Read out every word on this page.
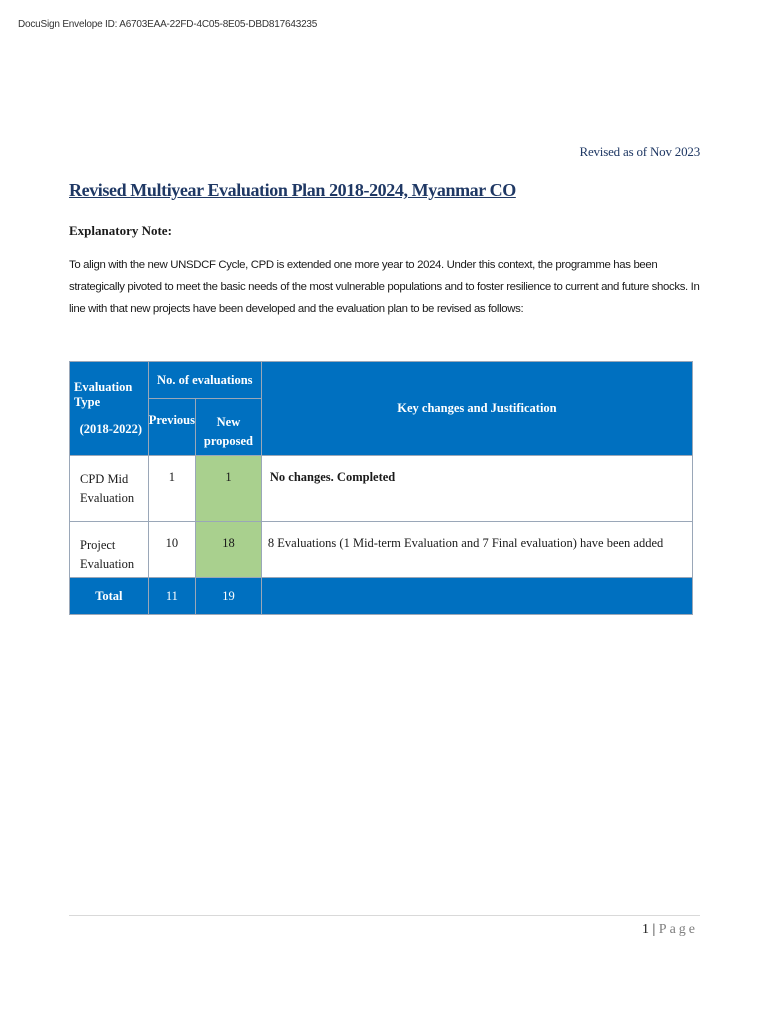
DocuSign Envelope ID: A6703EAA-22FD-4C05-8E05-DBD817643235
Revised as of Nov 2023
Revised Multiyear Evaluation Plan 2018-2024, Myanmar CO
Explanatory Note:
To align with the new UNSDCF Cycle, CPD is extended one more year to 2024. Under this context, the programme has been strategically pivoted to meet the basic needs of the most vulnerable populations and to foster resilience to current and future shocks. In line with that new projects have been developed and the evaluation plan to be revised as follows:
Evaluation Type
(2018-2022)	No. of evaluations		Key changes and Justification
	Previous	New proposed	
CPD Mid Evaluation	1	1	No changes. Completed
Project Evaluation	10	18	8 Evaluations (1 Mid-term Evaluation and 7 Final evaluation) have been added
Total	11	19	
1 | Page
